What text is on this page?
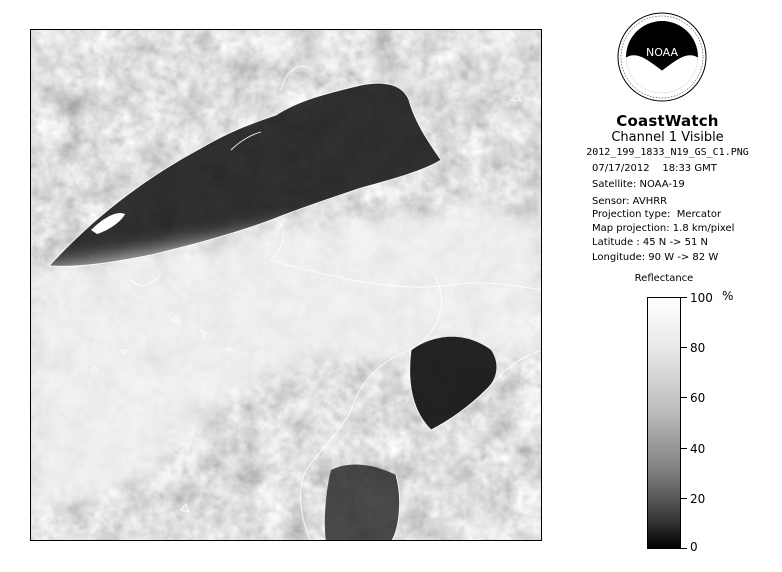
NOAA
CoastWatch
Channel 1 Visible
2012_199_1833_N19_GS_C1.PNG
07/17/2012    18:33 GMT
Satellite: NOAA-19
Sensor: AVHRR
Projection type:  Mercator
Map projection: 1.8 km/pixel
Latitude : 45 N -> 51 N
Longitude: 90 W -> 82 W
Reflectance
%
100
80
60
40
20
0
